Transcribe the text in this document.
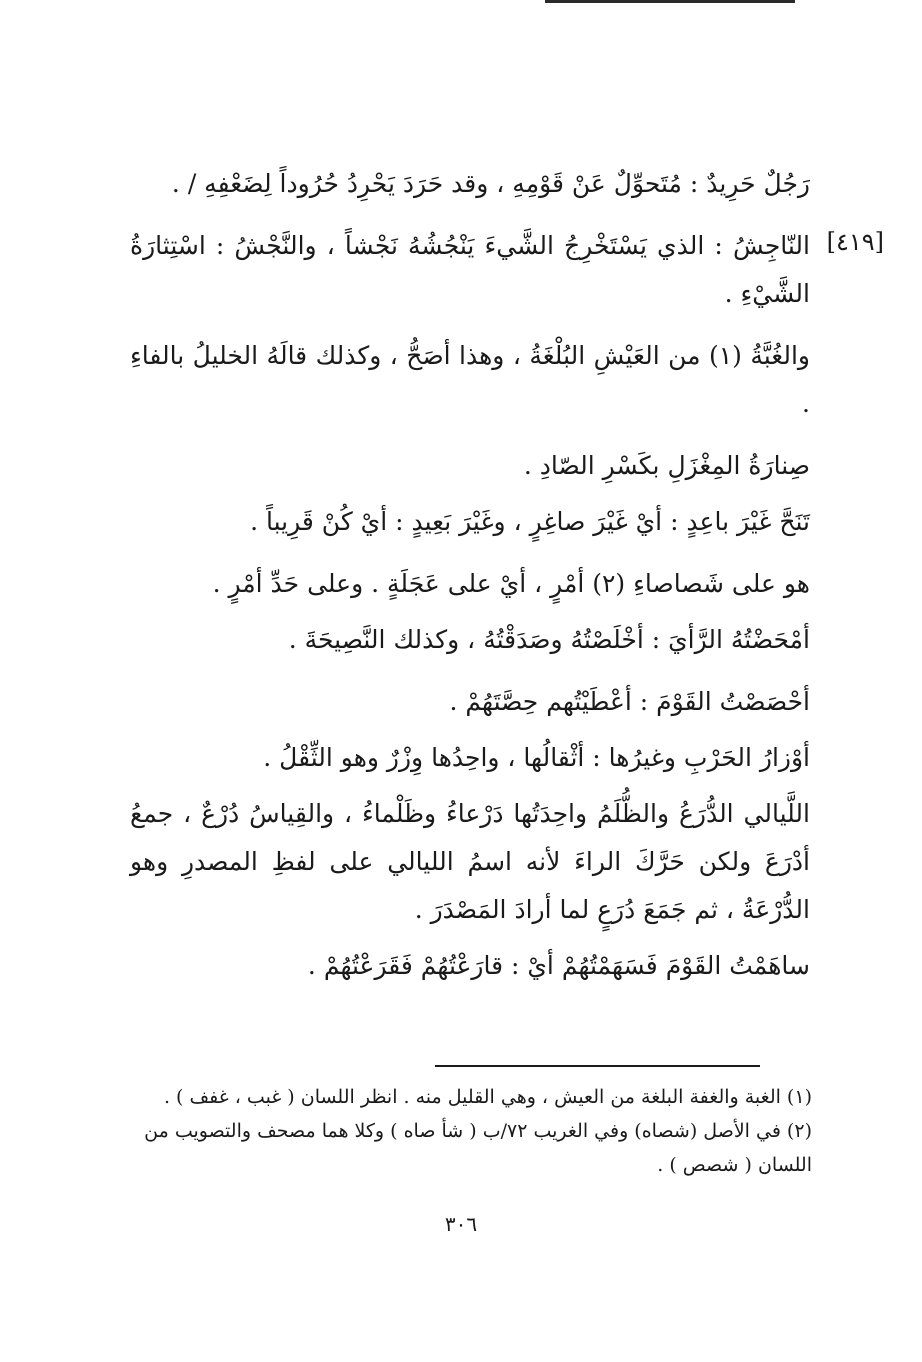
[٤١٩]

رَجُلٌ حَرِيدٌ : مُتَحوِّلٌ عَنْ قَوْمِهِ ، وقد حَرَدَ يَحْرِدُ حُرُوداً لِضَعْفِهِ / .

النّاجِشُ : الذي يَسْتَخْرِجُ الشَّيءَ يَنْجُشُهُ نَجْشاً ، والنَّجْشُ : اسْتِثارَةُ الشَّيْءِ .

والغُبَّةُ (١) من العَيْشِ البُلْغَةُ ، وهذا أصَحُّ ، وكذلك قالَهُ الخليلُ بالفاءِ .

صِنارَةُ المِغْزَلِ بكَسْرِ الصّادِ .

تَنَحَّ غَيْرَ باعِدٍ : أيْ غَيْرَ صاغِرٍ ، وغَيْرَ بَعِيدٍ : أيْ كُنْ قَرِيباً .

هو على شَصاصاءِ (٢) أمْرٍ ، أيْ على عَجَلَةٍ . وعلى حَدِّ أمْرٍ .

أمْحَضْتُهُ الرَّأيَ : أخْلَصْتُهُ وصَدَقْتُهُ ، وكذلك النَّصِيحَةَ .

أحْصَصْتُ القَوْمَ : أعْطَيْتُهم حِصَّتَهُمْ .

أوْزارُ الحَرْبِ وغيرُها : أثْقالُها ، واحِدُها وِزْرٌ وهو الثِّقْلُ .

اللَّيالي الدُّرَعُ والظُّلَمُ واحِدَتُها دَرْعاءُ وظَلْماءُ ، والقِياسُ دُرْعٌ ، جمعُ أدْرَعَ ولكن حَرَّكَ الراءَ لأنه اسمُ الليالي على لفظِ المصدرِ وهو الدُّرْعَةُ ، ثم جَمَعَ دُرَعٍ لما أرادَ المَصْدَرَ .

ساهَمْتُ القَوْمَ فَسَهَمْتُهُمْ أيْ : قارَعْتُهُمْ فَقَرَعْتُهُمْ .

(١) الغبة والغفة البلغة من العيش ، وهي القليل منه . انظر اللسان ( غبب ، غفف ) .

(٢) في الأصل (شصاه) وفي الغريب ٧٢/ب ( شأ صاه ) وكلا هما مصحف والتصويب من اللسان ( شصص ) .

٣٠٦
